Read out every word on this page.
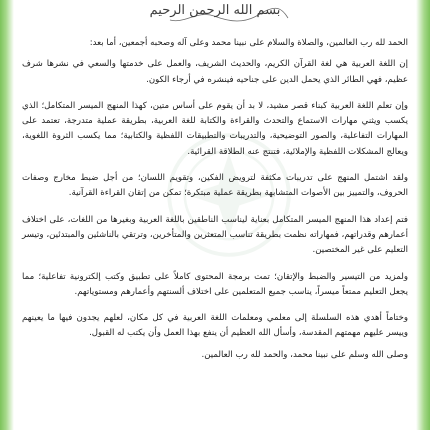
بسم الله الرحمن الرحيم

الحمد لله رب العالمين، والصلاة والسلام على نبينا محمد وعلى آله وصحبه أجمعين، أما بعد:

إن اللغة العربية هي لغة القرآن الكريم، والحديث الشريف، والعمل على خدمتها والسعي في نشرها شرف عظيم، فهي الطائر الذي يحمل الدين على جناحيه فينشره في أرجاء الكون.

وإن تعلم اللغة العربية كبناء قصر مشيد، لا بد أن يقوم على أساس متين، كهذا المنهج الميسر المتكامل؛ الذي يكسب ويثني مهارات الاستماع والتحدث والقراءة والكتابة للغة العربية، بطريقة عملية متدرجة، تعتمد على المهارات التفاعلية، والصور التوضيحية، والتدريبات والتطبيقات اللفظية والكتابية؛ مما يكسب الثروة اللغوية، ويعالج المشكلات اللفظية والإملائية، فتنتج عنه الطلاقة القرائية.

ولقد اشتمل المنهج على تدريبات مكثفة لترويض الفكين، وتقويم اللسان؛ من أجل ضبط مخارج وصفات الحروف، والتمييز بين الأصوات المتشابهة بطريقة عملية مبتكرة؛ تمكن من إتقان القراءة القرآنية.

فتم إعداد هذا المنهج الميسر المتكامل بعناية ليناسب الناطقين باللغة العربية وبغيرها من اللغات، على اختلاف أعمارهم وقدراتهم، فمهاراته نظمت بطريقة تناسب المتعثرين والمتأخرين، وترتقي بالناشئين والمبتدئين، وتيسر التعليم على غير المختصين.

ولمزيد من التيسير والضبط والإتقان؛ تمت برمجة المحتوى كاملاً على تطبيق وكتب إلكترونية تفاعلية؛ مما يجعل التعليم ممتعاً ميسراً، يناسب جميع المتعلمين على اختلاف ألسنتهم وأعمارهم ومستوياتهم.

وختاماً أهدي هذه السلسلة إلى معلمي ومعلمات اللغة العربية في كل مكان، لعلهم يجدون فيها ما يعينهم وييسر عليهم مهمتهم المقدسة، وأسأل الله العظيم أن ينفع بهذا العمل وأن يكتب له القبول.

وصلى الله وسلم على نبينا محمد، والحمد لله رب العالمين.
